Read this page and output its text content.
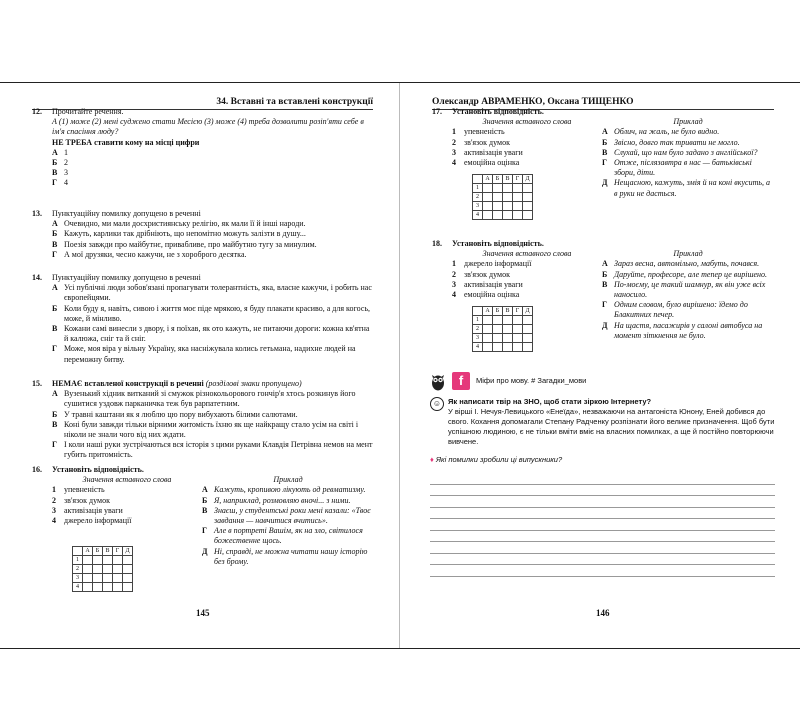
34. Вставні та вставлені конструкції
12. Прочитайте речення.
А (1) може (2) мені суджено стати Месією (3) може (4) треба дозволити розіп'яти себе в ім'я спасіння люду?
НЕ ТРЕБА ставити кому на місці цифри
А 1
Б 2
В 3
Г 4
13. Пунктуаційну помилку допущено в реченні
А Очевидно, ми мали досхристиянську релігію, як мали її й інші народи.
Б Кажуть, карлики так дрібніють, що непомітно можуть залізти в душу...
В Поезія завжди про майбутнє, привабливе, про майбутню тугу за минулим.
Г А мої друзяки, чесно кажучи, не з хороброго десятка.
14. Пунктуаційну помилку допущено в реченні
А Усі публічні люди зобов'язані пропагувати толерантність, яка, власне кажучи, і робить нас європейцями.
Б Коли буду я, навіть, сивою і життя моє піде мрякою, я буду плакати красиво, а для когось, може, й мінливо.
В Кожани самі винесли з двору, і я поїхав, як ото кажуть, не питаючи дороги: кожна кв'ятна й калюжа, сніг та й сніг.
Г Може, моя віра у вільну Україну, яка насніжувала колись гетьмана, надихне людей на переможну битву.
15. НЕМАЄ вставленої конструкції в реченні (розділові знаки пропущено)
А Вузенький хідник витканий зі смужок різнокольорового гончір'я хтось розкинув його сушитися уздовж парканичка теж був рарпатетним.
Б У травні каштани як я люблю цю пору вибухають білими салютами.
В Коні були завжди тільки вірними житомість їхню як ще найкращу стало усім на світі і ніколи не знали чого від них ждати.
Г І коли наші руки зустрічаються вся історія з цими руками Клавдія Петрівна немов на мент губить притомність.
16. Установіть відповідність.
Значення вставного слова
1	упевненість
2	зв'язок думок
3	активізація уваги
4	джерело інформації
	А	Б	В	Г	Д
1					
2					
3					
4					
Приклад
А Кажуть, кропивою лікують од ревматизму.
Б Я, наприклад, розмовляю вночі... з ними.
В Знаєш, у студентські роки мені казали: «Твоє завдання — навчитися вчитись».
Г Але в портреті Вашім, як на зло, світилося божественне щось.
Д Ні, справді, не можна читати нашу історію без брому.
145
Олександр АВРАМЕНКО, Оксана ТИЩЕНКО
17. Установіть відповідність.
Значення вставного слова
1	упевненість
2	зв'язок думок
3	активізація уваги
4	емоційна оцінка
	А	Б	В	Г	Д
1					
2					
3					
4					
Приклад
А Облич, на жаль, не було видно.
Б Звісно, довго так тривати не могло.
В Слухай, що нам було задано з англійської?
Г Отже, післязавтра в нас — батьківські збори, діти.
Д Нещасною, кажуть, змія й на коні вкусить, а в руки не дасться.
18. Установіть відповідність.
Значення вставного слова
1	джерело інформації
2	зв'язок думок
3	активізація уваги
4	емоційна оцінка
	А	Б	В	Г	Д
1					
2					
3					
4					
Приклад
А Зараз весна, автомільно, мабуть, почався.
Б Даруйте, професоре, але тепер це вирішено.
В По-моєму, це такий шамнур, як він уже всіх наносило.
Г Одним словом, було вирішено: їдемо до Блакитних печер.
Д На щастя, пасажирів у салоні автобуса на момент зіткнення не було.
146
f	Міфи про мову. # Загадки_мови
☺ Як написати твір на ЗНО, щоб стати зіркою Інтернету?
У вірші І. Нечуя-Левицького «Енеїда», незважаючи на антагоніста Юнону, Еней добився до свого. Кохання допомагали Степану Радченку розпізнати його велике призначення. Щоб бути успішною людиною, є не тільки вміти вміє на власних помилках, а ще й постійно повторюючи вивчене.
♦ Які помилки зробили ці випускники?
